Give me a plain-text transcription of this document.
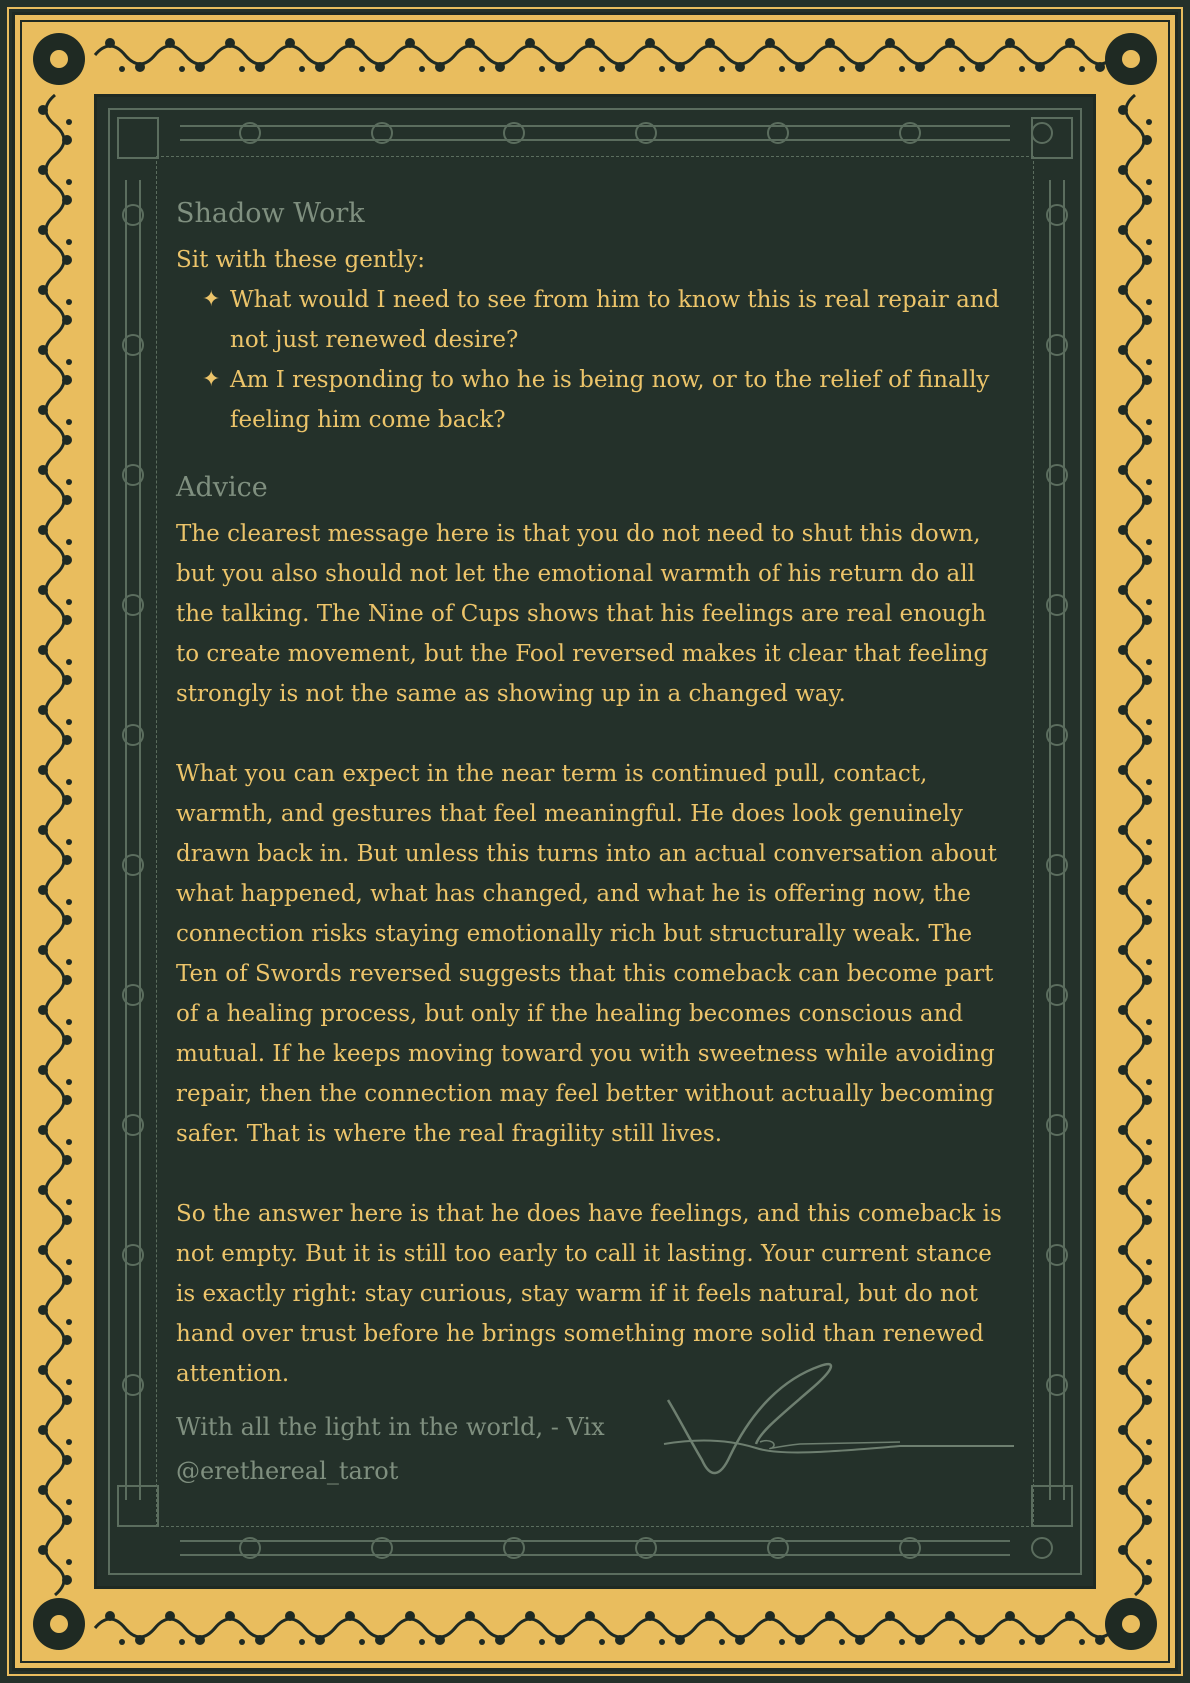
Shadow Work

Sit with these gently:

✦ What would I need to see from him to know this is real repair and not just renewed desire?
✦ Am I responding to who he is being now, or to the relief of finally feeling him come back?
Advice

The clearest message here is that you do not need to shut this down, but you also should not let the emotional warmth of his return do all the talking. The Nine of Cups shows that his feelings are real enough to create movement, but the Fool reversed makes it clear that feeling strongly is not the same as showing up in a changed way.

What you can expect in the near term is continued pull, contact, warmth, and gestures that feel meaningful. He does look genuinely drawn back in. But unless this turns into an actual conversation about what happened, what has changed, and what he is offering now, the connection risks staying emotionally rich but structurally weak. The Ten of Swords reversed suggests that this comeback can become part of a healing process, but only if the healing becomes conscious and mutual. If he keeps moving toward you with sweetness while avoiding repair, then the connection may feel better without actually becoming safer. That is where the real fragility still lives.

So the answer here is that he does have feelings, and this comeback is not empty. But it is still too early to call it lasting. Your current stance is exactly right: stay curious, stay warm if it feels natural, but do not hand over trust before he brings something more solid than renewed attention.

With all the light in the world, - Vix
@erethereal_tarot
